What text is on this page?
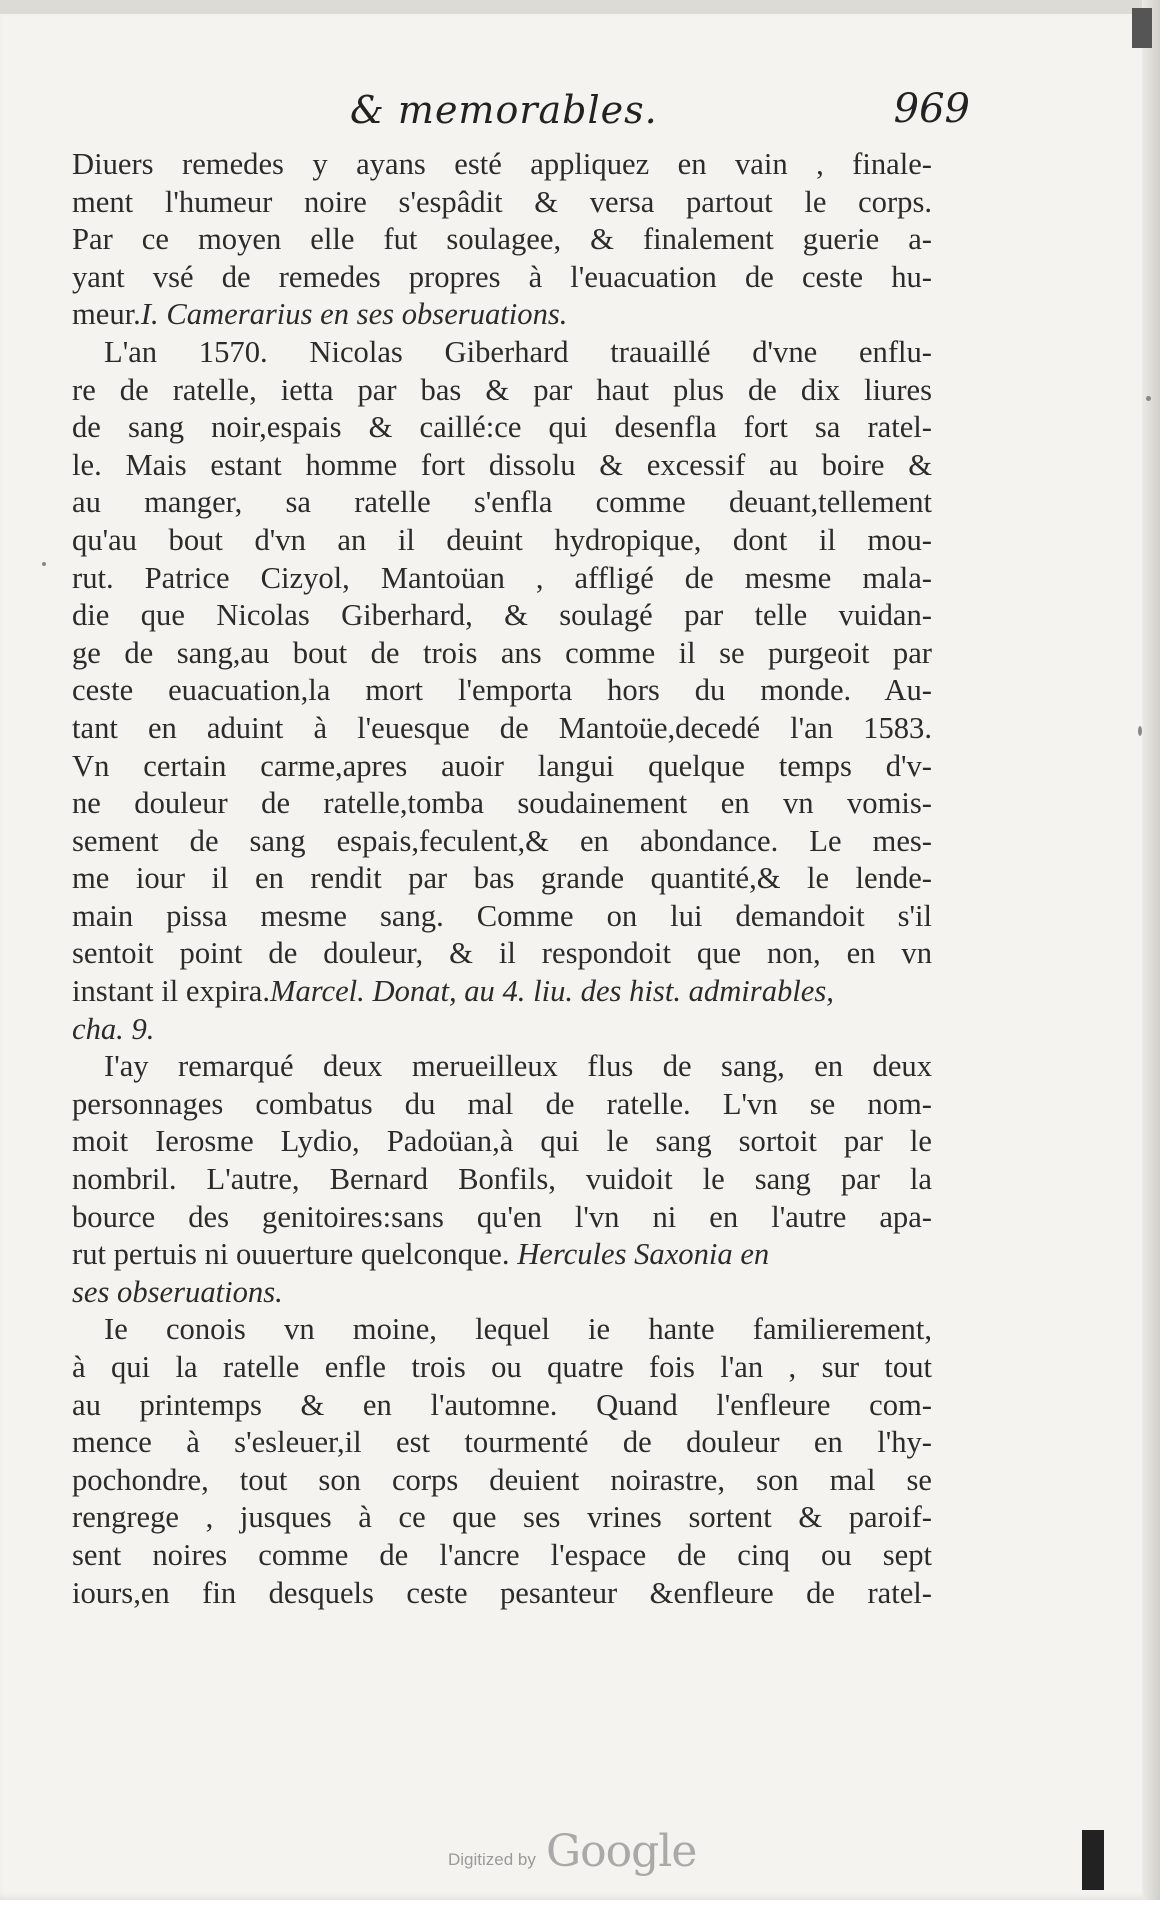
& memorables.	969
Diuers remedes y ayans esté appliquez en vain , finale-
ment l'humeur noire s'espâdit & versa partout le corps.
Par ce moyen elle fut soulagee, & finalement guerie a-
yant vsé de remedes propres à l'euacuation de ceste hu-
meur.I. Camerarius en ses obseruations.
L'an 1570. Nicolas Giberhard trauaillé d'vne enflu-
re de ratelle, ietta par bas & par haut plus de dix liures
de sang noir,espais & caillé:ce qui desenfla fort sa ratel-
le. Mais estant homme fort dissolu & excessif au boire &
au manger, sa ratelle s'enfla comme deuant,tellement
qu'au bout d'vn an il deuint hydropique, dont il mou-
rut. Patrice Cizyol, Mantoüan , affligé de mesme mala-
die que Nicolas Giberhard, & soulagé par telle vuidan-
ge de sang,au bout de trois ans comme il se purgeoit par
ceste euacuation,la mort l'emporta hors du monde. Au-
tant en aduint à l'euesque de Mantoüe,decedé l'an 1583.
Vn certain carme,apres auoir langui quelque temps d'v-
ne douleur de ratelle,tomba soudainement en vn vomis-
sement de sang espais,feculent,& en abondance. Le mes-
me iour il en rendit par bas grande quantité,& le lende-
main pissa mesme sang. Comme on lui demandoit s'il
sentoit point de douleur, & il respondoit que non, en vn
instant il expira.Marcel. Donat, au 4. liu. des hist. admirables,
cha. 9.
I'ay remarqué deux merueilleux flus de sang, en deux
personnages combatus du mal de ratelle. L'vn se nom-
moit Ierosme Lydio, Padoüan,à qui le sang sortoit par le
nombril. L'autre, Bernard Bonfils, vuidoit le sang par la
bource des genitoires:sans qu'en l'vn ni en l'autre apa-
rut pertuis ni ouuerture quelconque. Hercules Saxonia en
ses obseruations.
Ie conois vn moine, lequel ie hante familierement,
à qui la ratelle enfle trois ou quatre fois l'an , sur tout
au printemps & en l'automne. Quand l'enfleure com-
mence à s'esleuer,il est tourmenté de douleur en l'hy-
pochondre, tout son corps deuient noirastre, son mal se
rengrege , jusques à ce que ses vrines sortent & paroif-
sent noires comme de l'ancre l'espace de cinq ou sept
iours,en fin desquels ceste pesanteur &enfleure de ratel-
Digitized by Google
